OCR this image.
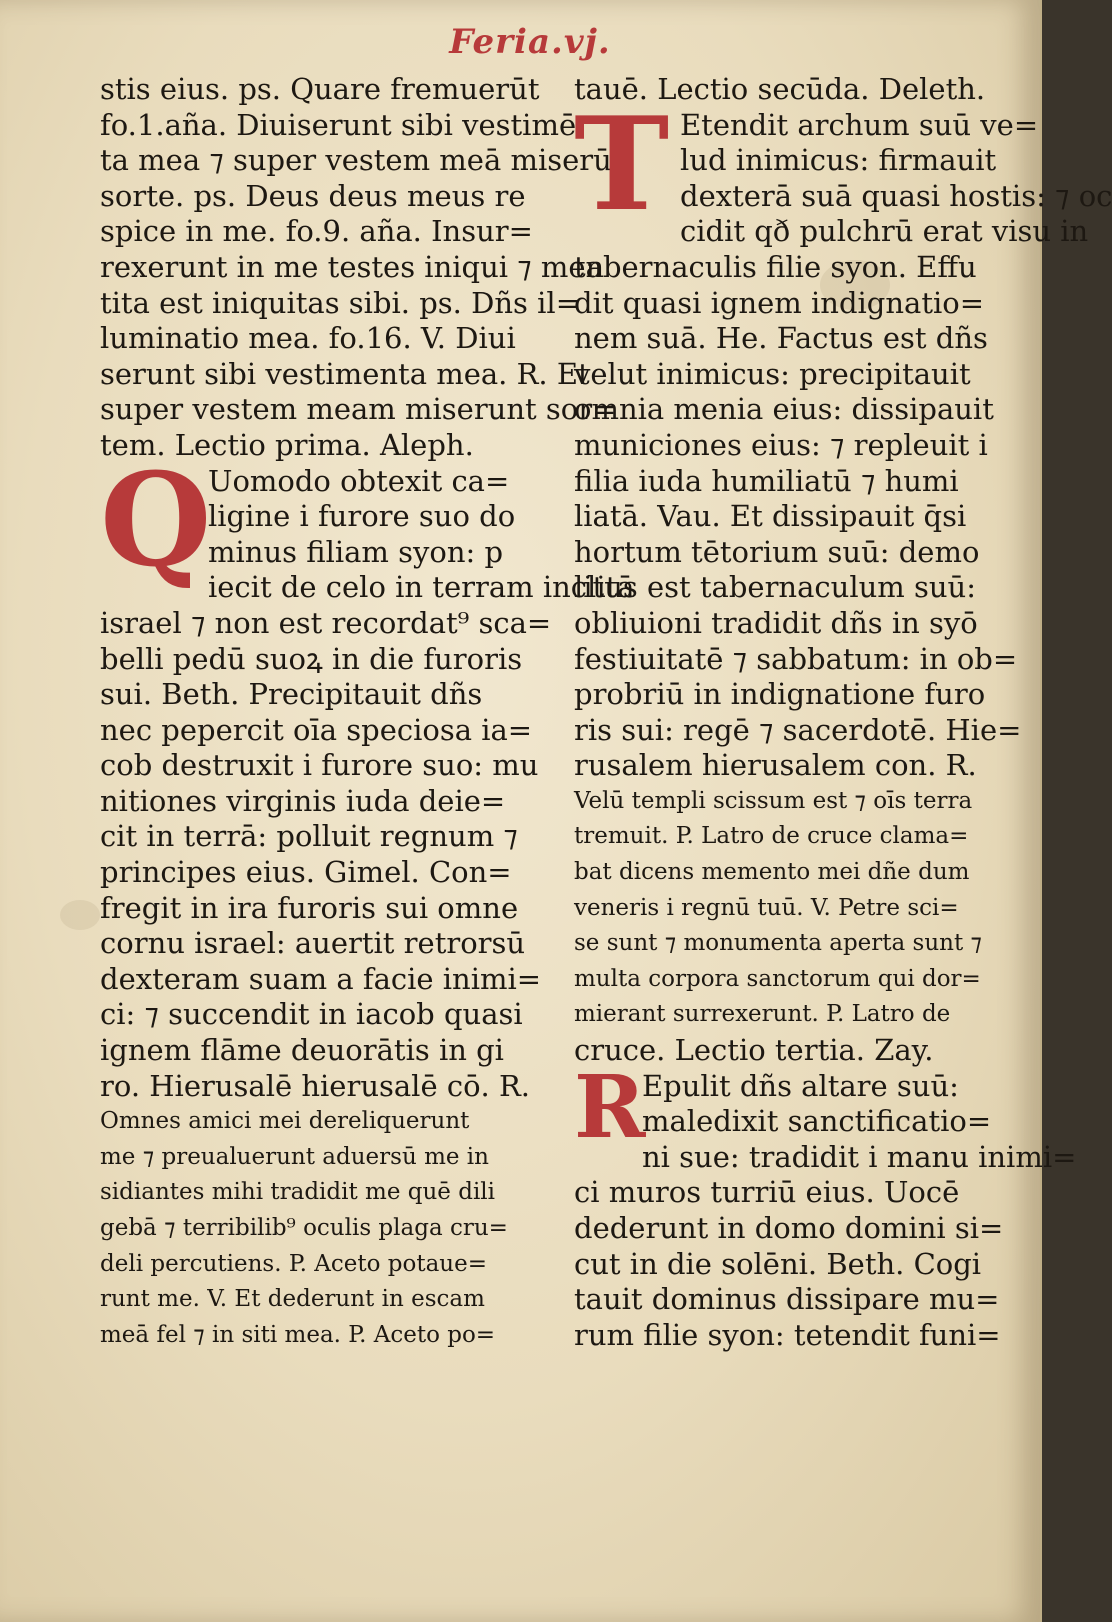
Feria.vj.
stis eius. ps. Quare fremuerūt
fo.1.aña. Diuiserunt sibi vestimē
ta mea ⁊ super vestem meā miserūt
sorte. ps. Deus deus meus re
spice in me. fo.9. aña. Insur=
rexerunt in me testes iniqui ⁊ men
tita est iniquitas sibi. ps. Dñs il=
luminatio mea. fo.16. V. Diui
serunt sibi vestimenta mea. R. Et
super vestem meam miserunt sor=
tem. Lectio prima. Aleph.
Q
Uomodo obtexit ca=
ligine i furore suo do
minus filiam syon: p
iecit de celo in terram inclitā
israel ⁊ non est recordat⁹ sca=
belli pedū suoꝝ in die furoris
sui. Beth. Precipitauit dñs
nec pepercit oīa speciosa ia=
cob destruxit i furore suo: mu
nitiones virginis iuda deie=
cit in terrā: polluit regnum ⁊
principes eius. Gimel. Con=
fregit in ira furoris sui omne
cornu israel: auertit retrorsū
dexteram suam a facie inimi=
ci: ⁊ succendit in iacob quasi
ignem flāme deuorātis in gi
ro. Hierusalē hierusalē cō. R.
Omnes amici mei dereliquerunt
me ⁊ preualuerunt aduersū me in
sidiantes mihi tradidit me quē dili
gebā ⁊ terribilib⁹ oculis plaga cru=
deli percutiens. P. Aceto potaue=
runt me. V. Et dederunt in escam
meā fel ⁊ in siti mea. P. Aceto po=
tauē. Lectio secūda. Deleth.
T Etendit archum suū ve=
lud inimicus: firmauit
dexterā suā quasi hostis: ⁊ oc
cidit qð pulchrū erat visu in
tabernaculis filie syon. Effu
dit quasi ignem indignatio=
nem suā. He. Factus est dñs
velut inimicus: precipitauit
omnia menia eius: dissipauit
municiones eius: ⁊ repleuit i
filia iuda humiliatū ⁊ humi
liatā. Vau. Et dissipauit q̄si
hortum tētorium suū: demo
litus est tabernaculum suū:
obliuioni tradidit dñs in syō
festiuitatē ⁊ sabbatum: in ob=
probriū in indignatione furo
ris sui: regē ⁊ sacerdotē. Hie=
rusalem hierusalem con. R.
Velū templi scissum est ⁊ oīs terra
tremuit. P. Latro de cruce clama=
bat dicens memento mei dñe dum
veneris i regnū tuū. V. Petre sci=
se sunt ⁊ monumenta aperta sunt ⁊
multa corpora sanctorum qui dor=
mierant surrexerunt. P. Latro de
cruce. Lectio tertia. Zay.
R
Epulit dñs altare suū:
maledixit sanctificatio=
ni sue: tradidit i manu inimi=
ci muros turriū eius. Uocē
dederunt in domo domini si=
cut in die solēni. Beth. Cogi
tauit dominus dissipare mu=
rum filie syon: tetendit funi=
